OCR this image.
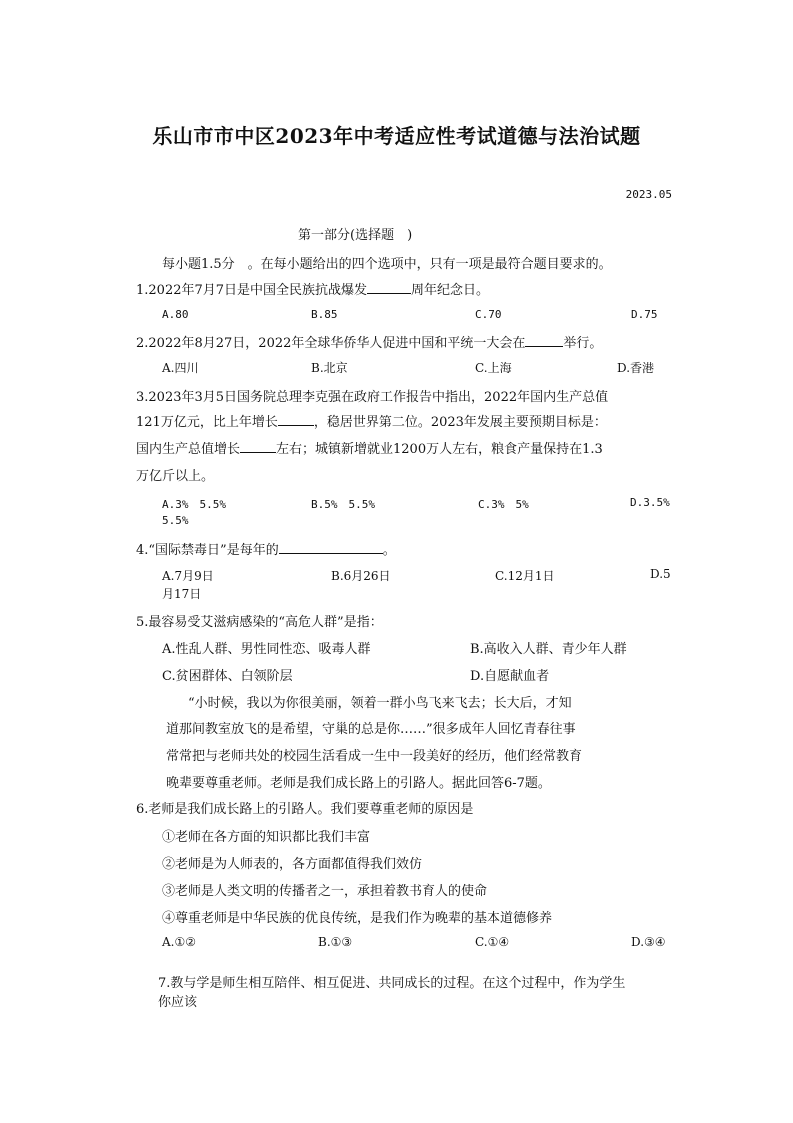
乐山市市中区2023年中考适应性考试道德与法治试题
2023.05
第一部分(选择题　)
每小题1.5分　。在每小题给出的四个选项中，只有一项是最符合题目要求的。
1.2022年7月7日是中国全民族抗战爆发	周年纪念日。
A.80	B.85	C.70	D.75
2.2022年8月27日，2022年全球华侨华人促进中国和平统一大会在	举行。
A.四川	B.北京	C.上海	D.香港
3.2023年3月5日国务院总理李克强在政府工作报告中指出，2022年国内生产总值
121万亿元，比上年增长	，稳居世界第二位。2023年发展主要预期目标是：
国内生产总值增长	左右；城镇新增就业1200万人左右，粮食产量保持在1.3
万亿斤以上。
A.3%　5.5%	B.5%　5.5%	C.3%　5%	D.3.5%
5.5%
4.“国际禁毒日”是每年的	。
A.7月9日	B.6月26日	C.12月1日	D.5
月17日
5.最容易受艾滋病感染的“高危人群”是指：
A.性乱人群、男性同性恋、吸毒人群	B.高收入人群、青少年人群
C.贫困群体、白领阶层	D.自愿献血者
“小时候，我以为你很美丽，领着一群小鸟飞来飞去；长大后，才知
道那间教室放飞的是希望，守巢的总是你……”很多成年人回忆青春往事
常常把与老师共处的校园生活看成一生中一段美好的经历，他们经常教育
晚辈要尊重老师。老师是我们成长路上的引路人。据此回答6-7题。
6.老师是我们成长路上的引路人。我们要尊重老师的原因是
①老师在各方面的知识都比我们丰富
②老师是为人师表的，各方面都值得我们效仿
③老师是人类文明的传播者之一，承担着教书育人的使命
④尊重老师是中华民族的优良传统，是我们作为晚辈的基本道德修养
A.①②	B.①③	C.①④	D.③④
7.教与学是师生相互陪伴、相互促进、共同成长的过程。在这个过程中，作为学生
你应该
